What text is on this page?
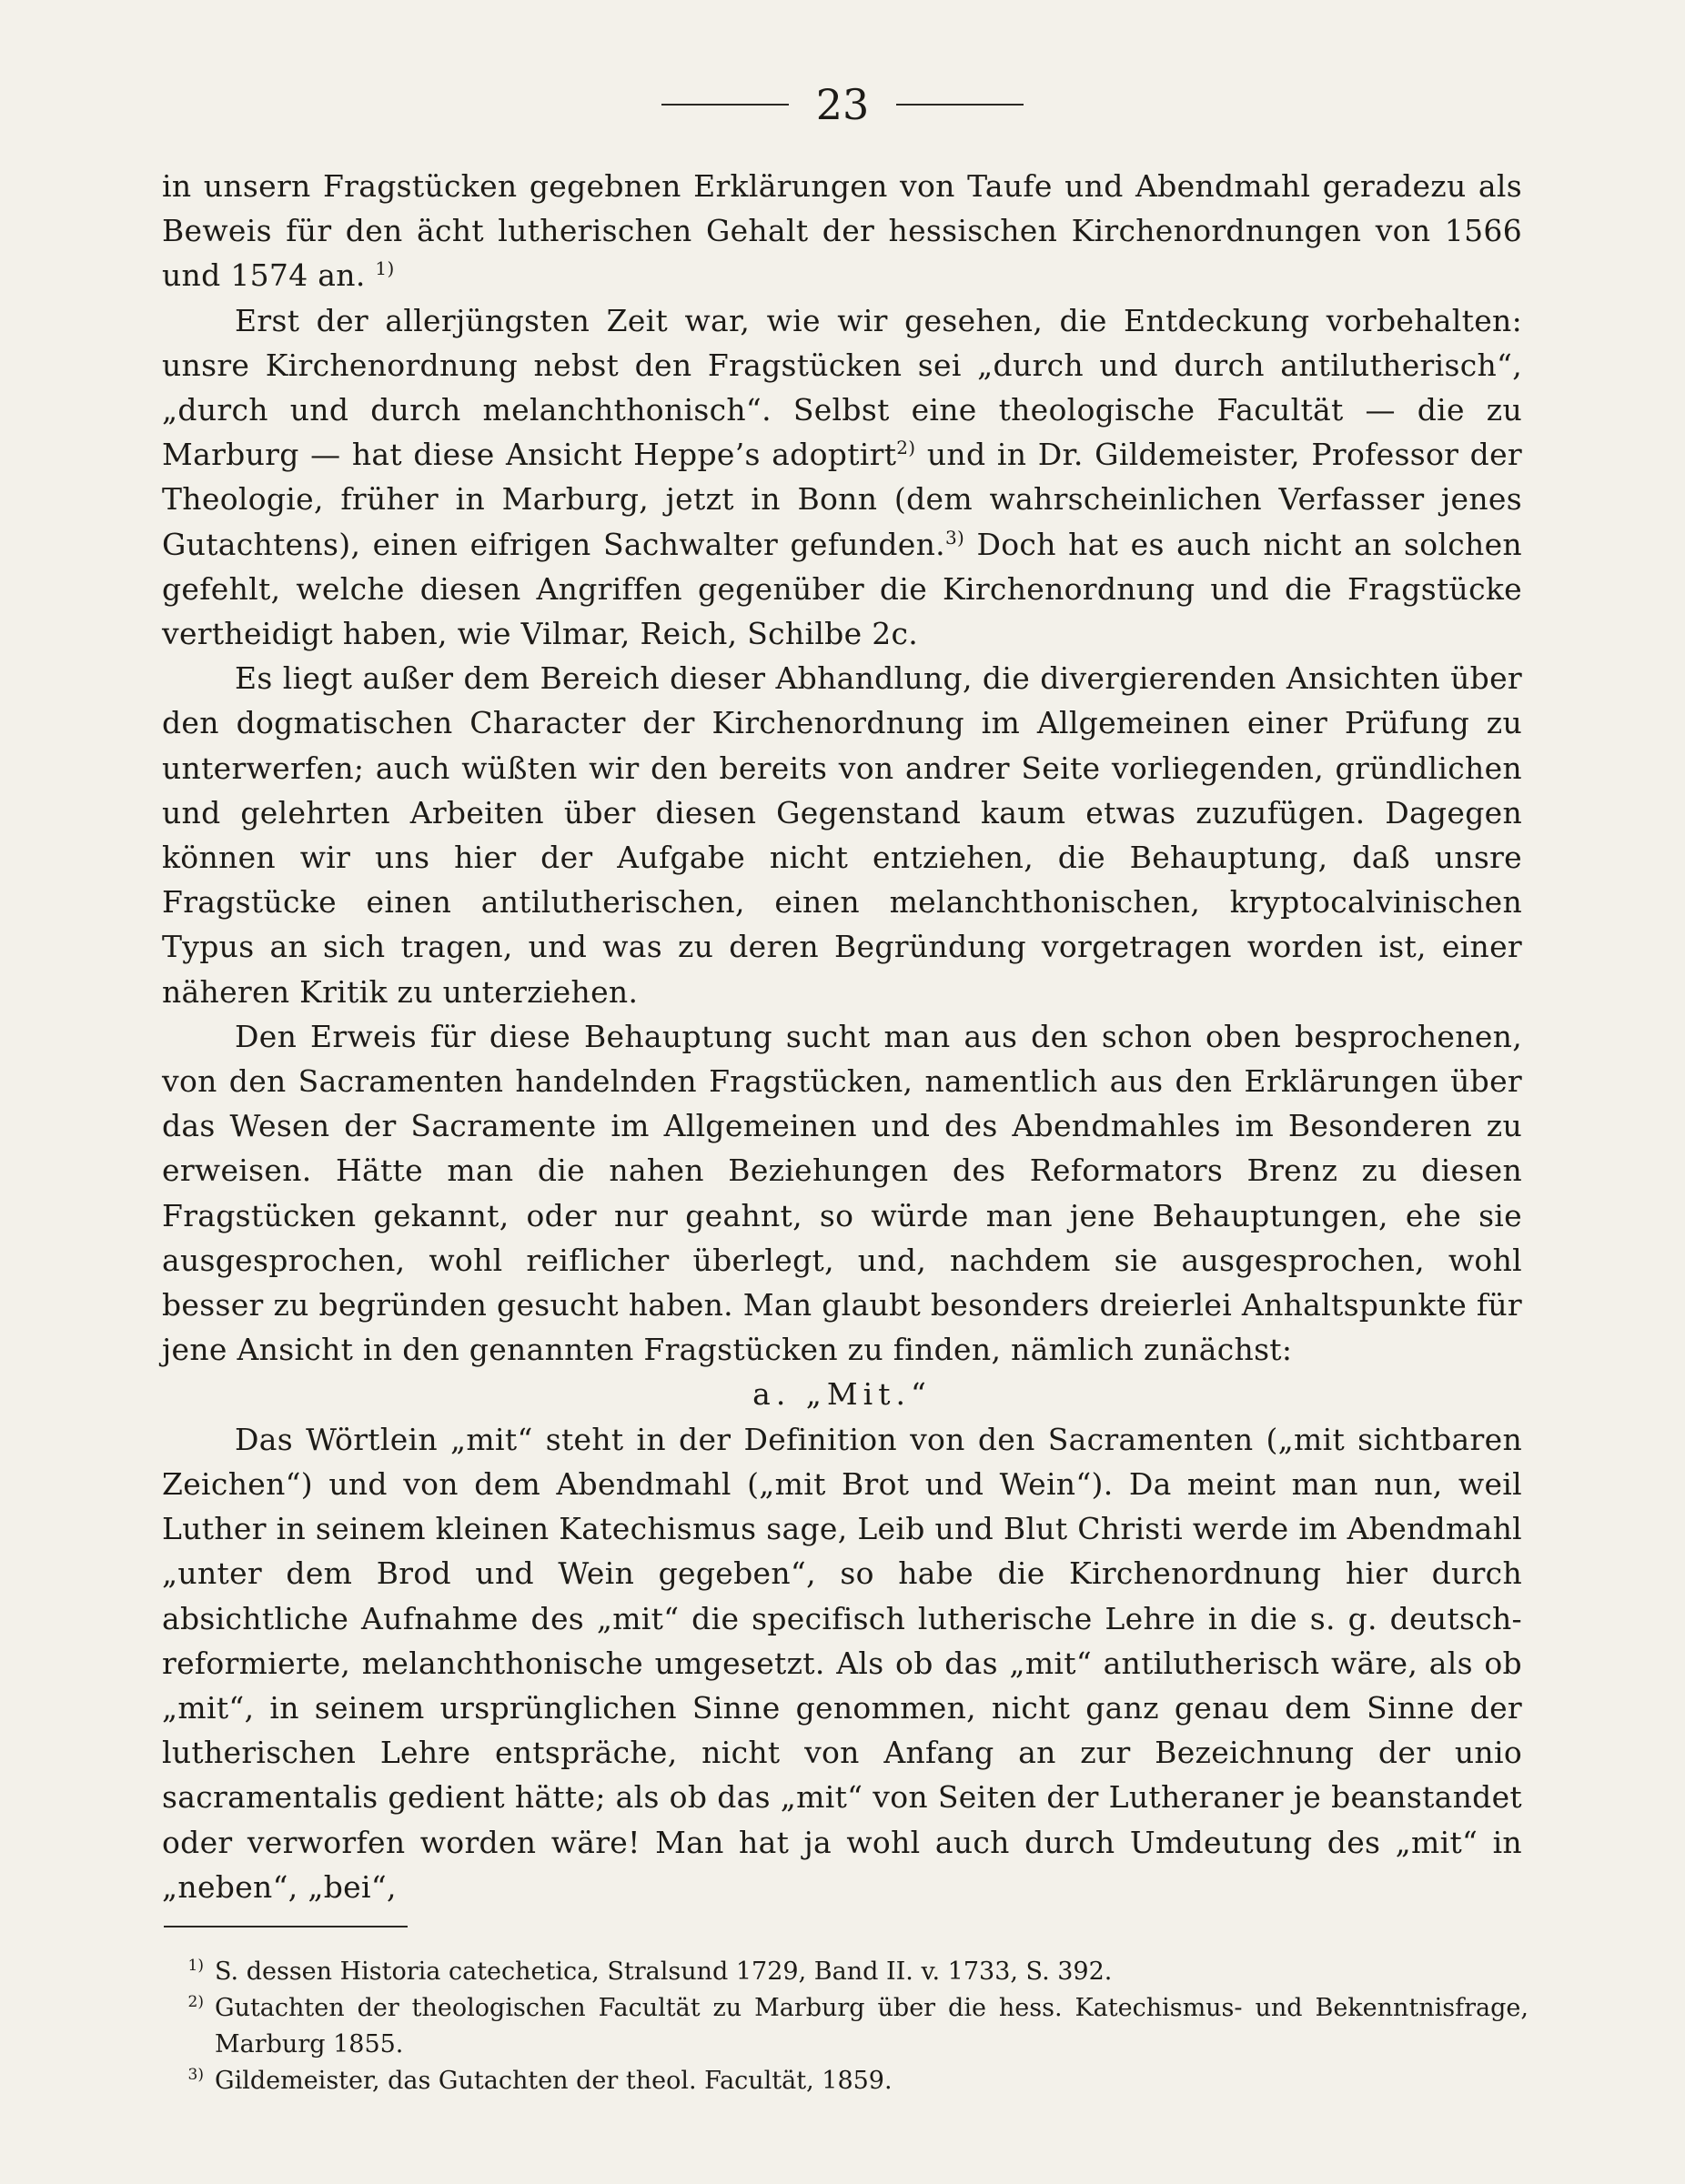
23

in unsern Fragstücken gegebnen Erklärungen von Taufe und Abendmahl geradezu als Beweis für den ächt lutherischen Gehalt der hessischen Kirchenordnungen von 1566 und 1574 an. $^{1)}$

Erst der allerjüngsten Zeit war, wie wir gesehen, die Entdeckung vorbehalten: unsre Kirchenordnung nebst den Fragstücken sei „durch und durch antilutherisch“, „durch und durch melanchthonisch“. Selbst eine theologische Facultät — die zu Marburg — hat diese Ansicht Heppe’s adoptirt$^{2)}$ und in Dr. Gildemeister, Professor der Theologie, früher in Marburg, jetzt in Bonn (dem wahrscheinlichen Verfasser jenes Gutachtens), einen eifrigen Sachwalter gefunden.$^{3)}$ Doch hat es auch nicht an solchen gefehlt, welche diesen Angriffen gegenüber die Kirchenordnung und die Fragstücke vertheidigt haben, wie Vilmar, Reich, Schilbe 2c.

Es liegt außer dem Bereich dieser Abhandlung, die divergierenden Ansichten über den dogmatischen Character der Kirchenordnung im Allgemeinen einer Prüfung zu unterwerfen; auch wüßten wir den bereits von andrer Seite vorliegenden, gründlichen und gelehrten Arbeiten über diesen Gegenstand kaum etwas zuzufügen. Dagegen können wir uns hier der Aufgabe nicht entziehen, die Behauptung, daß unsre Fragstücke einen antilutherischen, einen melanchthonischen, kryptocalvinischen Typus an sich tragen, und was zu deren Begründung vorgetragen worden ist, einer näheren Kritik zu unterziehen.

Den Erweis für diese Behauptung sucht man aus den schon oben besprochenen, von den Sacramenten handelnden Fragstücken, namentlich aus den Erklärungen über das Wesen der Sacramente im Allgemeinen und des Abendmahles im Besonderen zu erweisen. Hätte man die nahen Beziehungen des Reformators Brenz zu diesen Fragstücken gekannt, oder nur geahnt, so würde man jene Behauptungen, ehe sie ausgesprochen, wohl reiflicher überlegt, und, nachdem sie ausgesprochen, wohl besser zu begründen gesucht haben. Man glaubt besonders dreierlei Anhaltspunkte für jene Ansicht in den genannten Fragstücken zu finden, nämlich zunächst:

a. „Mit.“

Das Wörtlein „mit“ steht in der Definition von den Sacramenten („mit sichtbaren Zeichen“) und von dem Abendmahl („mit Brot und Wein“). Da meint man nun, weil Luther in seinem kleinen Katechismus sage, Leib und Blut Christi werde im Abendmahl „unter dem Brod und Wein gegeben“, so habe die Kirchenordnung hier durch absichtliche Aufnahme des „mit“ die specifisch lutherische Lehre in die s. g. deutsch-reformierte, melanchthonische umgesetzt. Als ob das „mit“ antilutherisch wäre, als ob „mit“, in seinem ursprünglichen Sinne genommen, nicht ganz genau dem Sinne der lutherischen Lehre entspräche, nicht von Anfang an zur Bezeichnung der unio sacramentalis gedient hätte; als ob das „mit“ von Seiten der Lutheraner je beanstandet oder verworfen worden wäre! Man hat ja wohl auch durch Umdeutung des „mit“ in „neben“, „bei“,

$^{1)}$ S. dessen Historia catechetica, Stralsund 1729, Band II. v. 1733, S. 392.
$^{2)}$ Gutachten der theologischen Facultät zu Marburg über die hess. Katechismus- und Bekenntnisfrage, Marburg 1855.
$^{3)}$ Gildemeister, das Gutachten der theol. Facultät, 1859.
